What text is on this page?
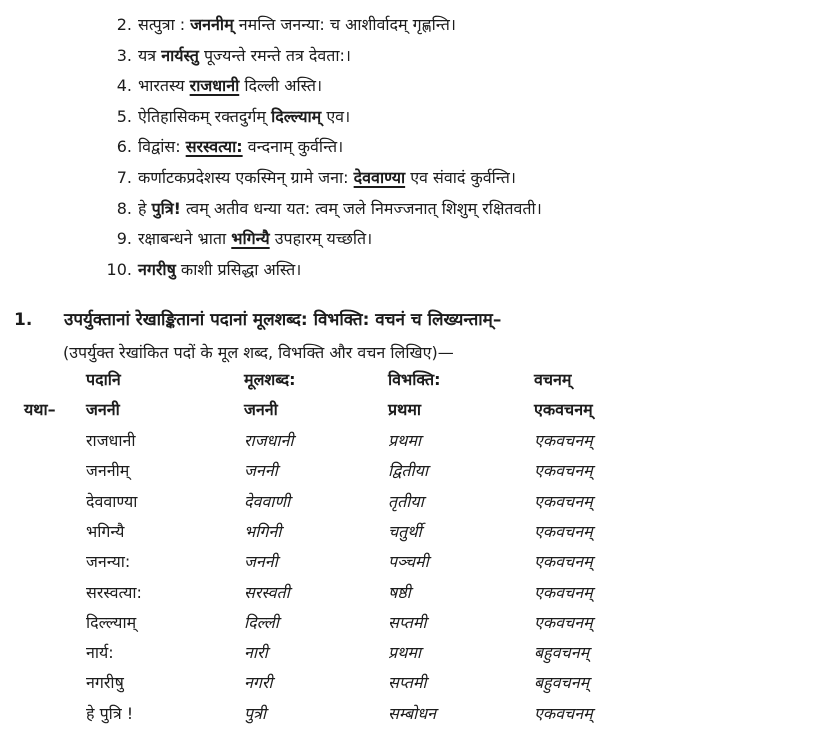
2. सत्पुत्रा : जननीम् नमन्ति जनन्या: च आशीर्वादम् गृह्णन्ति।
3. यत्र नार्यस्तु पूज्यन्ते रमन्ते तत्र देवता:।
4. भारतस्य राजधानी दिल्ली अस्ति।
5. ऐतिहासिकम् रक्तदुर्गम् दिल्ल्याम् एव।
6. विद्वांस: सरस्वत्या: वन्दनाम् कुर्वन्ति।
7. कर्णाटकप्रदेशस्य एकस्मिन् ग्रामे जना: देववाण्या एव संवादं कुर्वन्ति।
8. हे पुत्रि! त्वम् अतीव धन्या यत: त्वम् जले निमज्जनात् शिशुम् रक्षितवती।
9. रक्षाबन्धने भ्राता भगिन्यै उपहारम् यच्छति।
10. नगरीषु काशी प्रसिद्धा अस्ति।
1. उपर्युक्तानां रेखाङ्कितानां पदानां मूलशब्द: विभक्ति: वचनं च लिख्यन्ताम्–
(उपर्युक्त रेखांकित पदों के मूल शब्द, विभक्ति और वचन लिखिए)—
पदानि	मूलशब्द:	विभक्ति:	वचनम्
यथा– जननी	जननी	प्रथमा	एकवचनम्
राजधानी	राजधानी	प्रथमा	एकवचनम्
जननीम्	जननी	द्वितीया	एकवचनम्
देववाण्या	देववाणी	तृतीया	एकवचनम्
भगिन्यै	भगिनी	चतुर्थी	एकवचनम्
जनन्या:	जननी	पञ्चमी	एकवचनम्
सरस्वत्या:	सरस्वती	षष्ठी	एकवचनम्
दिल्ल्याम्	दिल्ली	सप्तमी	एकवचनम्
नार्य:	नारी	प्रथमा	बहुवचनम्
नगरीषु	नगरी	सप्तमी	बहुवचनम्
हे पुत्रि !	पुत्री	सम्बोधन	एकवचनम्
